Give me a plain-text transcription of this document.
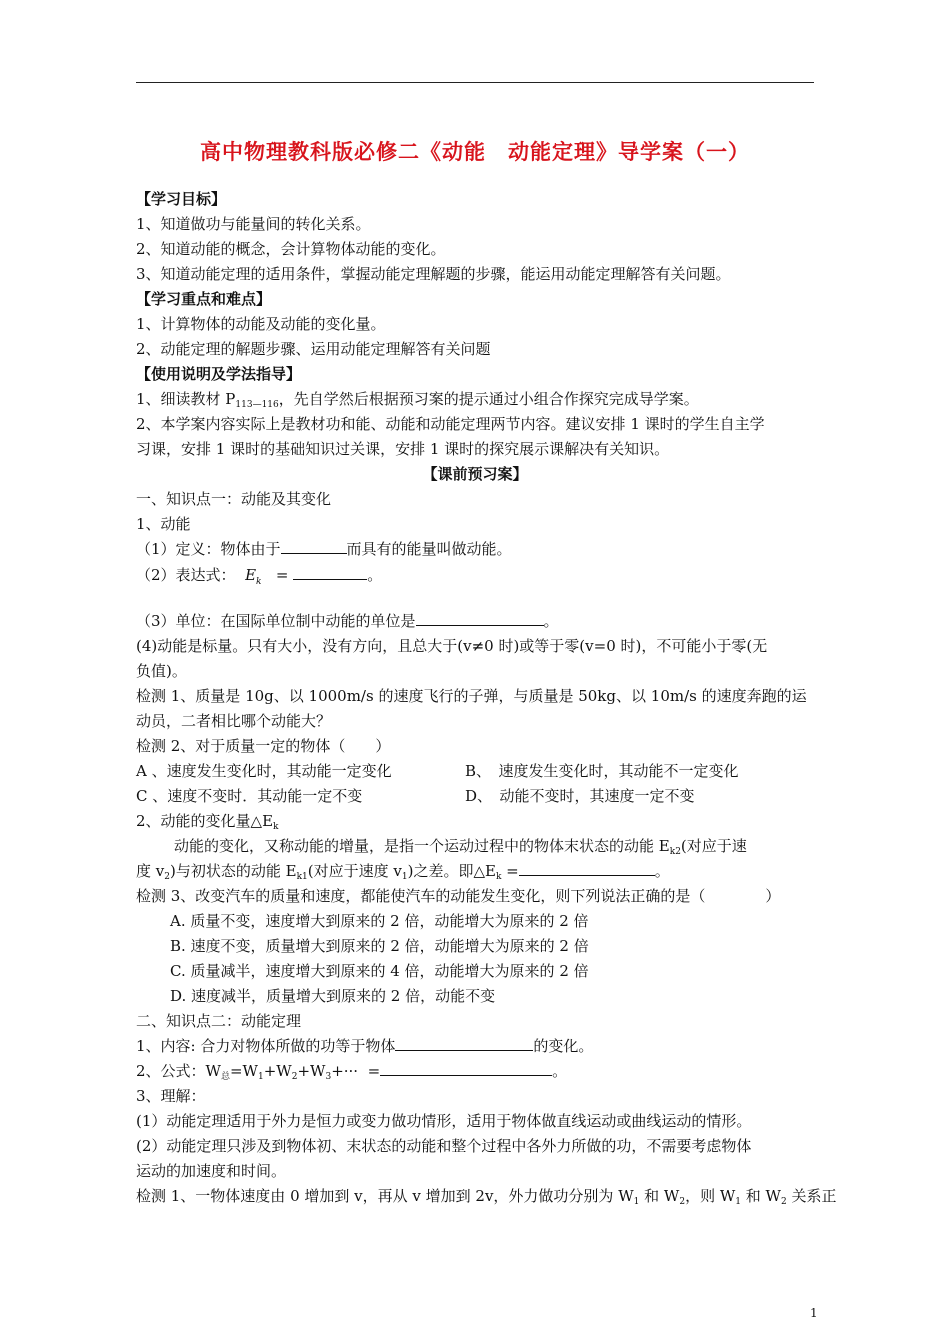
高中物理教科版必修二《动能　动能定理》导学案（一）
【学习目标】
1、知道做功与能量间的转化关系。
2、知道动能的概念，会计算物体动能的变化。
3、知道动能定理的适用条件，掌握动能定理解题的步骤，能运用动能定理解答有关问题。
【学习重点和难点】
1、计算物体的动能及动能的变化量。
2、动能定理的解题步骤、运用动能定理解答有关问题
【使用说明及学法指导】
1、细读教材 $P_{113—116}$，先自学然后根据预习案的提示通过小组合作探究完成导学案。
2、本学案内容实际上是教材功和能、动能和动能定理两节内容。建议安排 1 课时的学生自主学
习课，安排 1 课时的基础知识过关课，安排 1 课时的探究展示课解决有关知识。
【课前预习案】
一、知识点一：动能及其变化
1、动能
（1）定义：物体由于	而具有的能量叫做动能。
（2）表达式： $E_k$ =	。
（3）单位：在国际单位制中动能的单位是	。
(4)动能是标量。只有大小，没有方向，且总大于(v≠0 时)或等于零(v=0 时)，不可能小于零(无
负值)。
检测 1、质量是 10g、以 1000m/s 的速度飞行的子弹，与质量是 50kg、以 10m/s 的速度奔跑的运
动员，二者相比哪个动能大？
检测 2、对于质量一定的物体（　　）
A 、速度发生变化时，其动能一定变化	B、　速度发生变化时，其动能不一定变化
C 、速度不变时．其动能一定不变	D、　动能不变时，其速度一定不变
2、动能的变化量$\triangle E_k$
动能的变化，又称动能的增量，是指一个运动过程中的物体末状态的动能 $E_{k2}$(对应于速
度 $v_2$)与初状态的动能 $E_{k1}$(对应于速度 $v_1$)之差。即$\triangle E_k$ =	。
检测 3、改变汽车的质量和速度，都能使汽车的动能发生变化，则下列说法正确的是（　　　　）
A. 质量不变，速度增大到原来的 2 倍，动能增大为原来的 2 倍
B. 速度不变，质量增大到原来的 2 倍，动能增大为原来的 2 倍
C. 质量减半，速度增大到原来的 4 倍，动能增大为原来的 2 倍
D. 速度减半，质量增大到原来的 2 倍，动能不变
二、知识点二：动能定理
1、内容: 合力对物体所做的功等于物体	的变化。
2、公式：$W_总=W_1+W_2+W_3+\cdot\cdot\cdot$  =	。
3、理解：
(1）动能定理适用于外力是恒力或变力做功情形，适用于物体做直线运动或曲线运动的情形。
(2）动能定理只涉及到物体初、末状态的动能和整个过程中各外力所做的功，不需要考虑物体
运动的加速度和时间。
检测 1、一物体速度由 0 增加到 v，再从 v 增加到 2v，外力做功分别为 $W_1$ 和 $W_2$，则 $W_1$ 和 $W_2$ 关系正
1
